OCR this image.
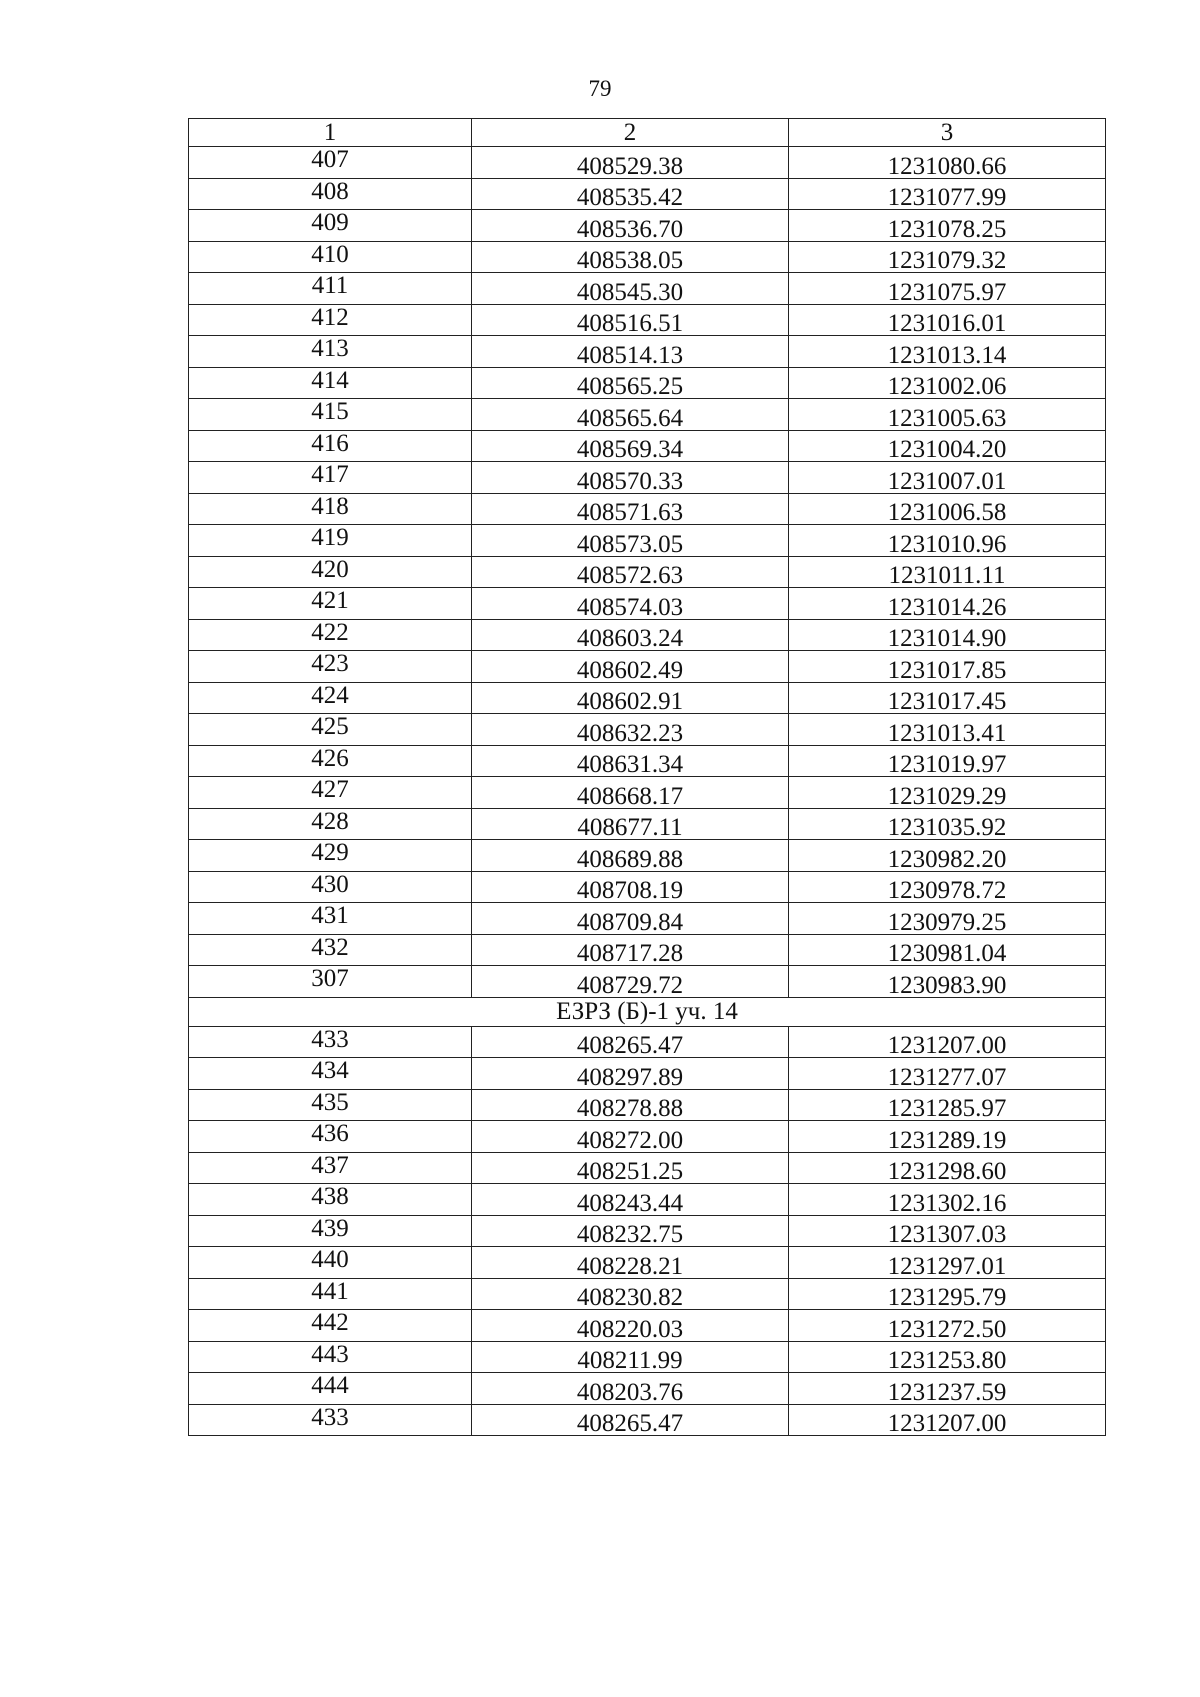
79
1	2	3
407	408529.38	1231080.66
408	408535.42	1231077.99
409	408536.70	1231078.25
410	408538.05	1231079.32
411	408545.30	1231075.97
412	408516.51	1231016.01
413	408514.13	1231013.14
414	408565.25	1231002.06
415	408565.64	1231005.63
416	408569.34	1231004.20
417	408570.33	1231007.01
418	408571.63	1231006.58
419	408573.05	1231010.96
420	408572.63	1231011.11
421	408574.03	1231014.26
422	408603.24	1231014.90
423	408602.49	1231017.85
424	408602.91	1231017.45
425	408632.23	1231013.41
426	408631.34	1231019.97
427	408668.17	1231029.29
428	408677.11	1231035.92
429	408689.88	1230982.20
430	408708.19	1230978.72
431	408709.84	1230979.25
432	408717.28	1230981.04
307	408729.72	1230983.90
ЕЗРЗ (Б)-1 уч. 14		
433	408265.47	1231207.00
434	408297.89	1231277.07
435	408278.88	1231285.97
436	408272.00	1231289.19
437	408251.25	1231298.60
438	408243.44	1231302.16
439	408232.75	1231307.03
440	408228.21	1231297.01
441	408230.82	1231295.79
442	408220.03	1231272.50
443	408211.99	1231253.80
444	408203.76	1231237.59
433	408265.47	1231207.00
